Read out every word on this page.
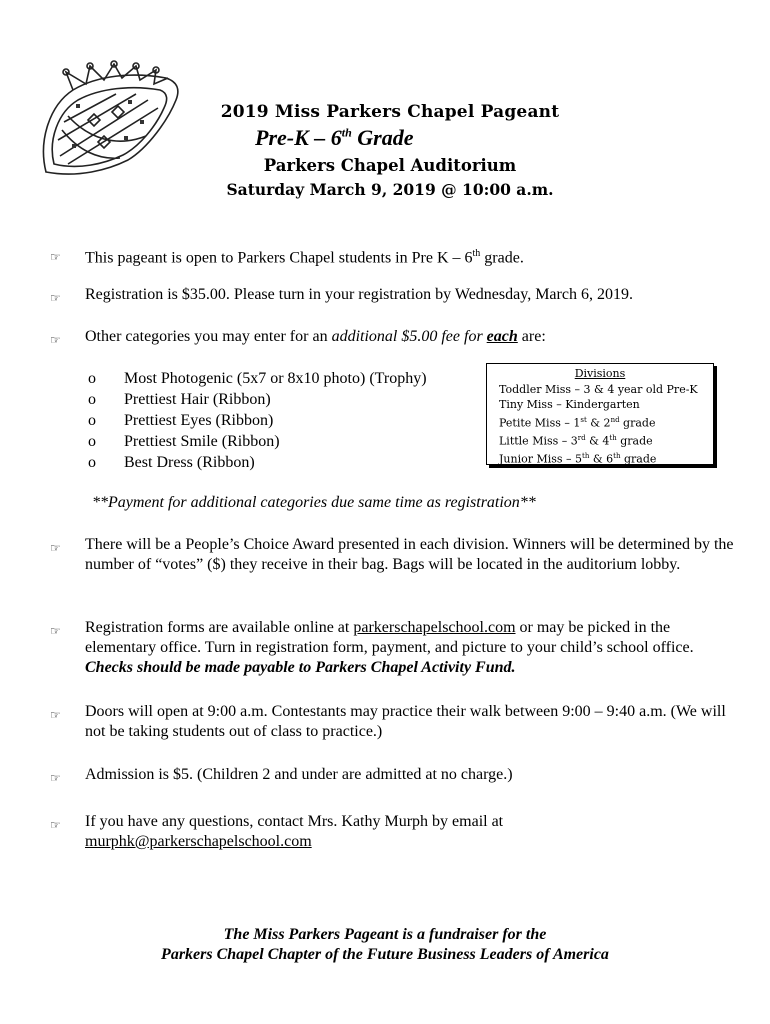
2019 Miss Parkers Chapel Pageant
Pre-K – 6th Grade
Parkers Chapel Auditorium
Saturday March 9, 2019 @ 10:00 a.m.
☞ This pageant is open to Parkers Chapel students in Pre K – 6th grade.
☞ Registration is $35.00. Please turn in your registration by Wednesday, March 6, 2019.
☞ Other categories you may enter for an additional $5.00 fee for each are:
o	Most Photogenic (5x7 or 8x10 photo) (Trophy)
o	Prettiest Hair (Ribbon)
o	Prettiest Eyes (Ribbon)
o	Prettiest Smile (Ribbon)
o	Best Dress (Ribbon)
Divisions
Toddler Miss – 3 & 4 year old Pre-K
Tiny Miss – Kindergarten
Petite Miss – 1st & 2nd grade
Little Miss – 3rd & 4th grade
Junior Miss – 5th & 6th grade
**Payment for additional categories due same time as registration**
☞ There will be a People’s Choice Award presented in each division. Winners will be determined by the number of “votes” ($) they receive in their bag. Bags will be located in the auditorium lobby.
☞ Registration forms are available online at parkerschapelschool.com or may be picked in the elementary office. Turn in registration form, payment, and picture to your child’s school office. Checks should be made payable to Parkers Chapel Activity Fund.
☞ Doors will open at 9:00 a.m. Contestants may practice their walk between 9:00 – 9:40 a.m. (We will not be taking students out of class to practice.)
☞ Admission is $5. (Children 2 and under are admitted at no charge.)
☞ If you have any questions, contact Mrs. Kathy Murph by email at
murphk@parkerschapelschool.com
The Miss Parkers Pageant is a fundraiser for the
Parkers Chapel Chapter of the Future Business Leaders of America
